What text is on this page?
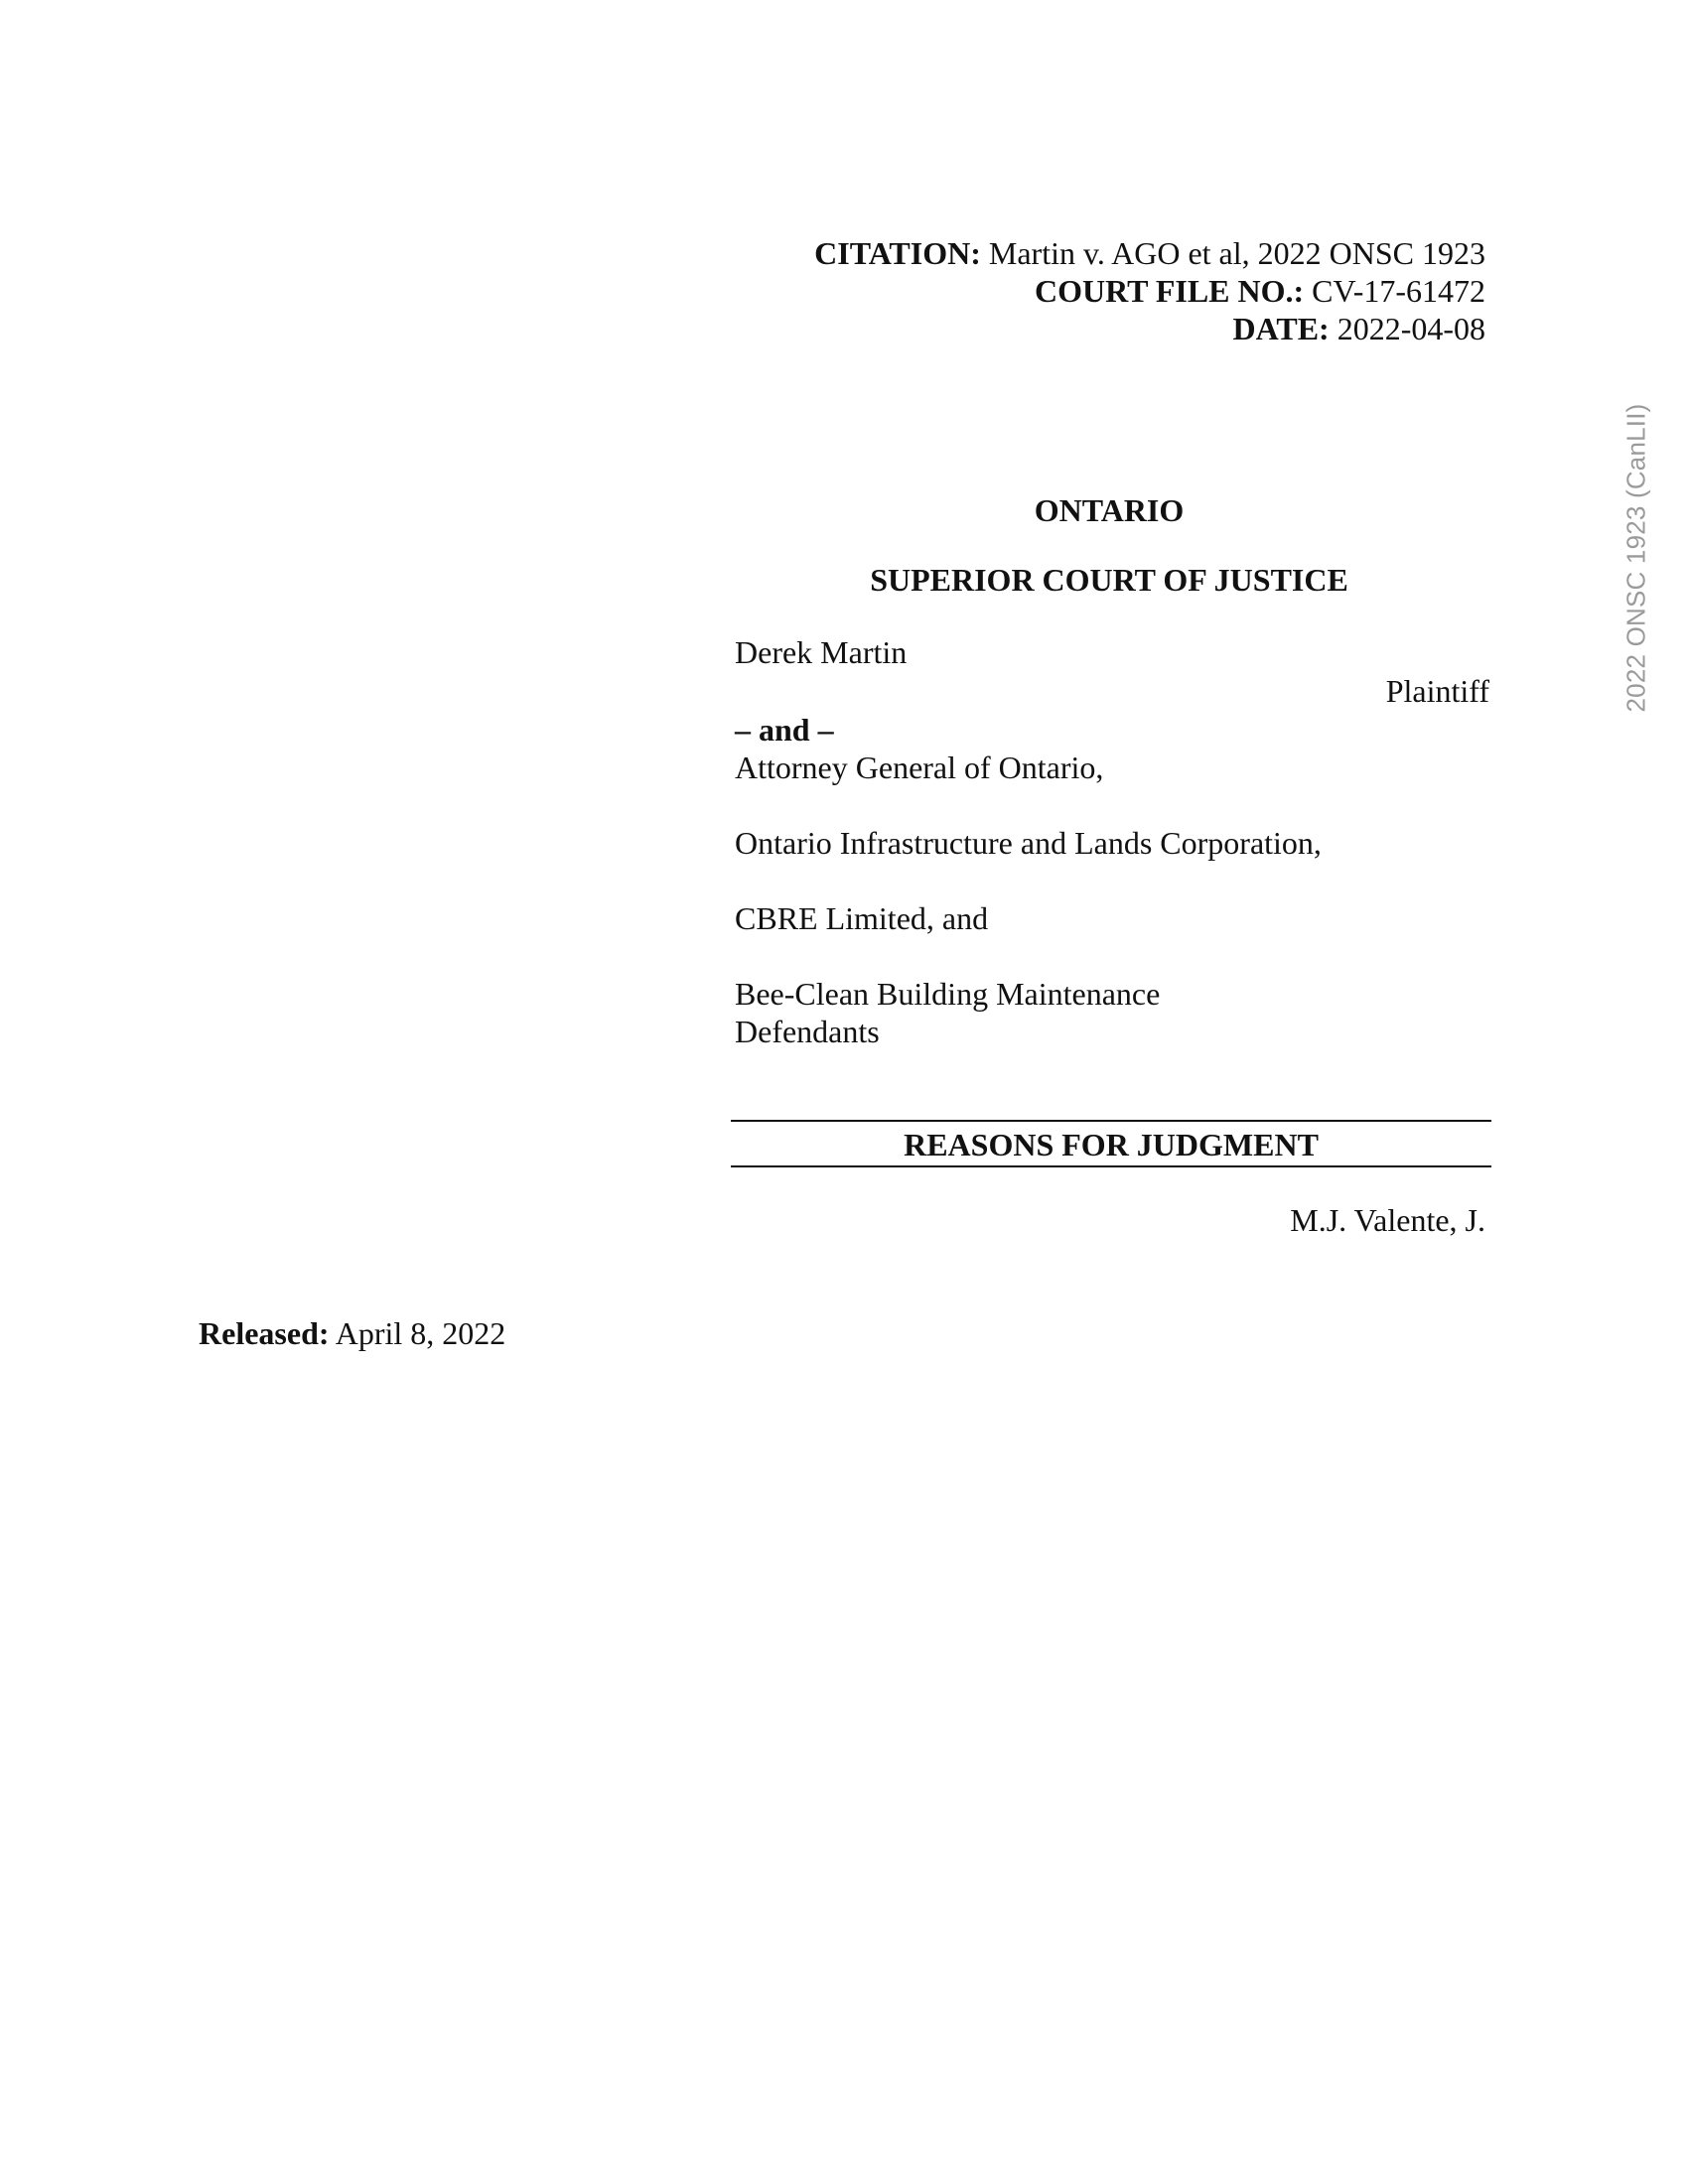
CITATION: Martin v. AGO et al, 2022 ONSC 1923
COURT FILE NO.: CV-17-61472
DATE: 2022-04-08
2022 ONSC 1923 (CanLII)
ONTARIO
SUPERIOR COURT OF JUSTICE
Derek Martin
Plaintiff
– and –
Attorney General of Ontario,
Ontario Infrastructure and Lands Corporation,
CBRE Limited, and
Bee-Clean Building Maintenance
Defendants
REASONS FOR JUDGMENT
M.J. Valente, J.
Released: April 8, 2022
